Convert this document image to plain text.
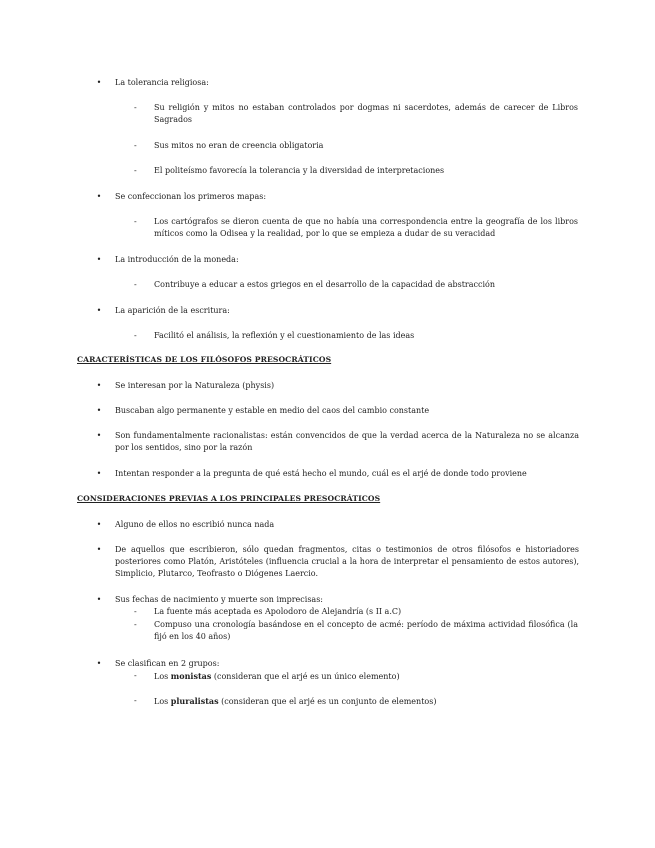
• La tolerancia religiosa:
-	Su religión y mitos no estaban controlados por dogmas ni sacerdotes, además de carecer de Libros Sagrados
-	Sus mitos no eran de creencia obligatoria
-	El politeísmo favorecía la tolerancia y la diversidad de interpretaciones
• Se confeccionan los primeros mapas:
-	Los cartógrafos se dieron cuenta de que no había una correspondencia entre la geografía de los libros míticos como la Odisea y la realidad, por lo que se empieza a dudar de su veracidad
• La introducción de la moneda:
-	Contribuye a educar a estos griegos en el desarrollo de la capacidad de abstracción
• La aparición de la escritura:
-	Facilitó el análisis, la reflexión y el cuestionamiento de las ideas
CARACTERÍSTICAS DE LOS FILÓSOFOS PRESOCRÁTICOS
• Se interesan por la Naturaleza (physis)
• Buscaban algo permanente y estable en medio del caos del cambio constante
• Son fundamentalmente racionalistas: están convencidos de que la verdad acerca de la Naturaleza no se alcanza por los sentidos, sino por la razón
• Intentan responder a la pregunta de qué está hecho el mundo, cuál es el arjé de donde todo proviene
CONSIDERACIONES PREVIAS A LOS PRINCIPALES PRESOCRÁTICOS
• Alguno de ellos no escribió nunca nada
• De aquellos que escribieron, sólo quedan fragmentos, citas o testimonios de otros filósofos e historiadores posteriores como Platón, Aristóteles (influencia crucial a la hora de interpretar el pensamiento de estos autores), Simplicio, Plutarco, Teofrasto o Diógenes Laercio.
• Sus fechas de nacimiento y muerte son imprecisas:
-	La fuente más aceptada es Apolodoro de Alejandría (s II a.C)
-	Compuso una cronología basándose en el concepto de acmé: período de máxima actividad filosófica (la fijó en los 40 años)
• Se clasifican en 2 grupos:
-	Los monistas (consideran que el arjé es un único elemento)
-	Los pluralistas (consideran que el arjé es un conjunto de elementos)
